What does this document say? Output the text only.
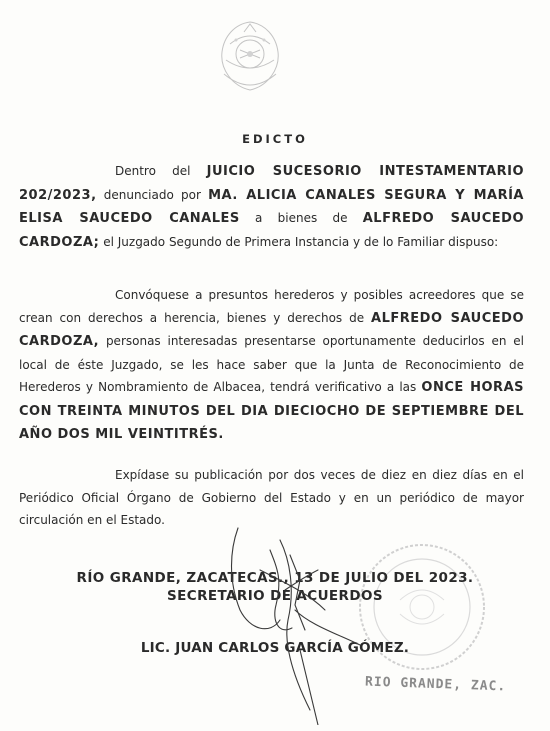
EDICTO
Dentro del JUICIO SUCESORIO INTESTAMENTARIO 202/2023, denunciado por MA. ALICIA CANALES SEGURA Y MARÍA ELISA SAUCEDO CANALES a bienes de ALFREDO SAUCEDO CARDOZA; el Juzgado Segundo de Primera Instancia y de lo Familiar dispuso:
Convóquese a presuntos herederos y posibles acreedores que se crean con derechos a herencia, bienes y derechos de ALFREDO SAUCEDO CARDOZA, personas interesadas presentarse oportunamente deducirlos en el local de éste Juzgado, se les hace saber que la Junta de Reconocimiento de Herederos y Nombramiento de Albacea, tendrá verificativo a las ONCE HORAS CON TREINTA MINUTOS DEL DIA DIECIOCHO DE SEPTIEMBRE DEL AÑO DOS MIL VEINTITRÉS.
Expídase su publicación por dos veces de diez en diez días en el Periódico Oficial Órgano de Gobierno del Estado y en un periódico de mayor circulación en el Estado.
RÍO GRANDE, ZACATECAS., 13 DE JULIO DEL 2023.
SECRETARIO DE ACUERDOS
LIC. JUAN CARLOS GARCÍA GÓMEZ.
RIO GRANDE, ZAC.
